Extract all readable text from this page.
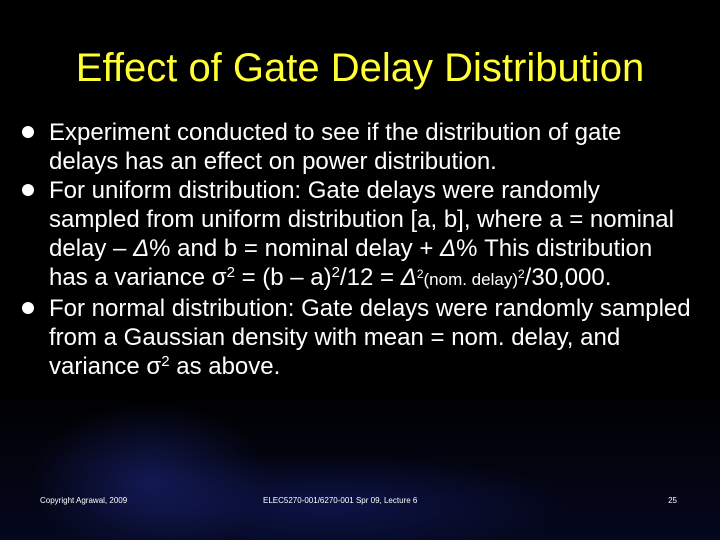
Effect of Gate Delay Distribution
Experiment conducted to see if the distribution of gate delays has an effect on power distribution.
For uniform distribution: Gate delays were randomly sampled from uniform distribution [a, b], where a = nominal delay – Δ% and b = nominal delay + Δ% This distribution has a variance $\sigma^2 = (b - a)^2/12 = \Delta^2(nom$. delay)$^2$/30,000.
For normal distribution: Gate delays were randomly sampled from a Gaussian density with mean = nom. delay, and variance $\sigma^2$ as above.
Copyright Agrawal, 2009	ELEC5270-001/6270-001 Spr 09, Lecture 6	25
